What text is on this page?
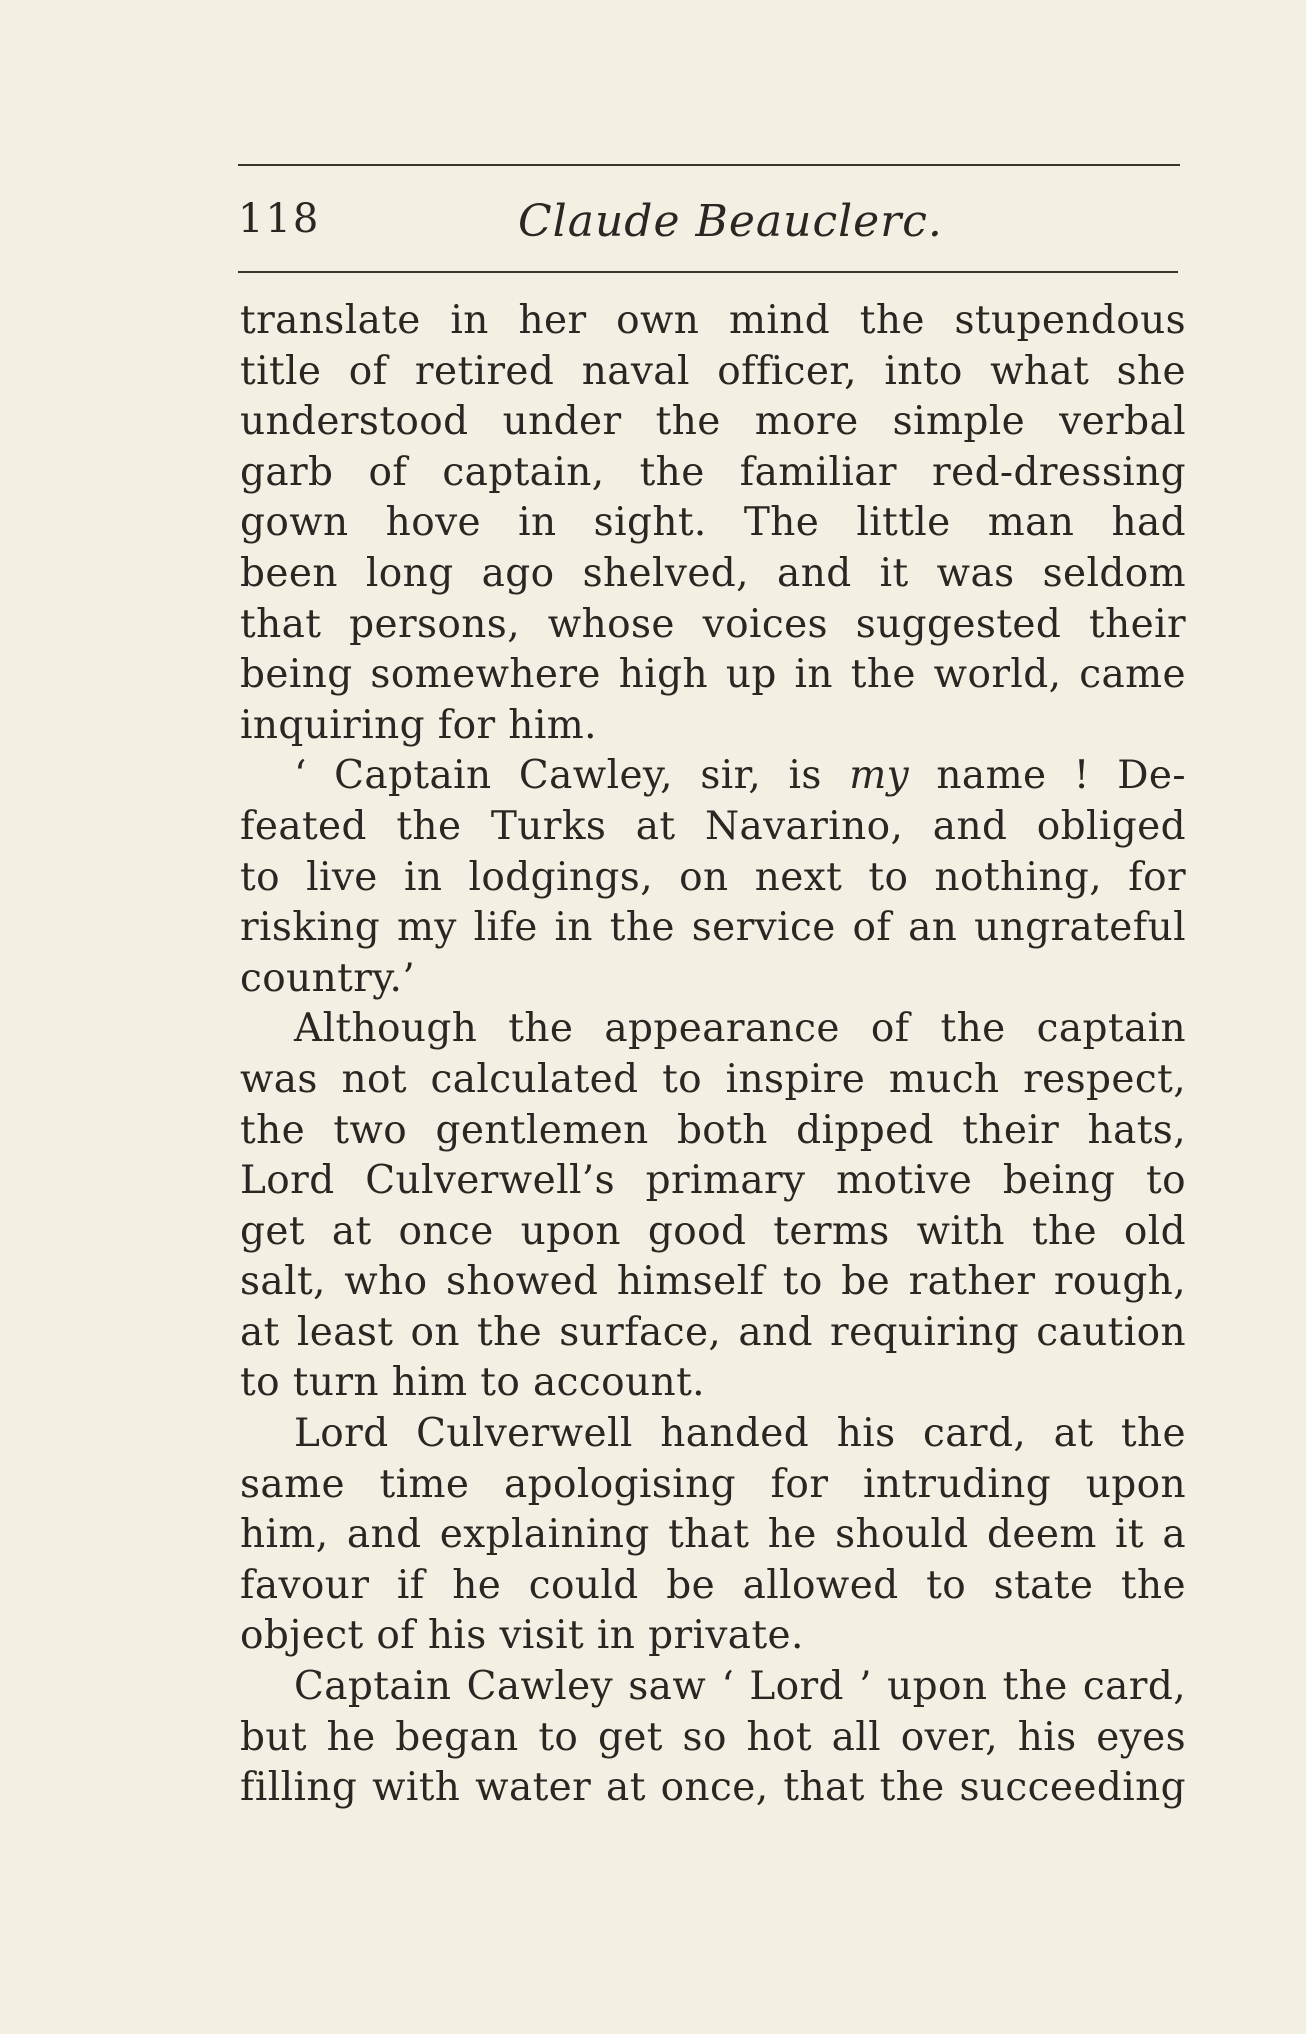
118	Claude Beauclerc.
translate in her own mind the stupendous
title of retired naval officer, into what she
understood under the more simple verbal
garb of captain, the familiar red-dressing
gown hove in sight. The little man had
been long ago shelved, and it was seldom
that persons, whose voices suggested their
being somewhere high up in the world, came
inquiring for him.
‘ Captain Cawley, sir, is my name ! De-
feated the Turks at Navarino, and obliged
to live in lodgings, on next to nothing, for
risking my life in the service of an ungrateful
country.’
Although the appearance of the captain
was not calculated to inspire much respect,
the two gentlemen both dipped their hats,
Lord Culverwell’s primary motive being to
get at once upon good terms with the old
salt, who showed himself to be rather rough,
at least on the surface, and requiring caution
to turn him to account.
Lord Culverwell handed his card, at the
same time apologising for intruding upon
him, and explaining that he should deem it a
favour if he could be allowed to state the
object of his visit in private.
Captain Cawley saw ‘ Lord ’ upon the card,
but he began to get so hot all over, his eyes
filling with water at once, that the succeeding
